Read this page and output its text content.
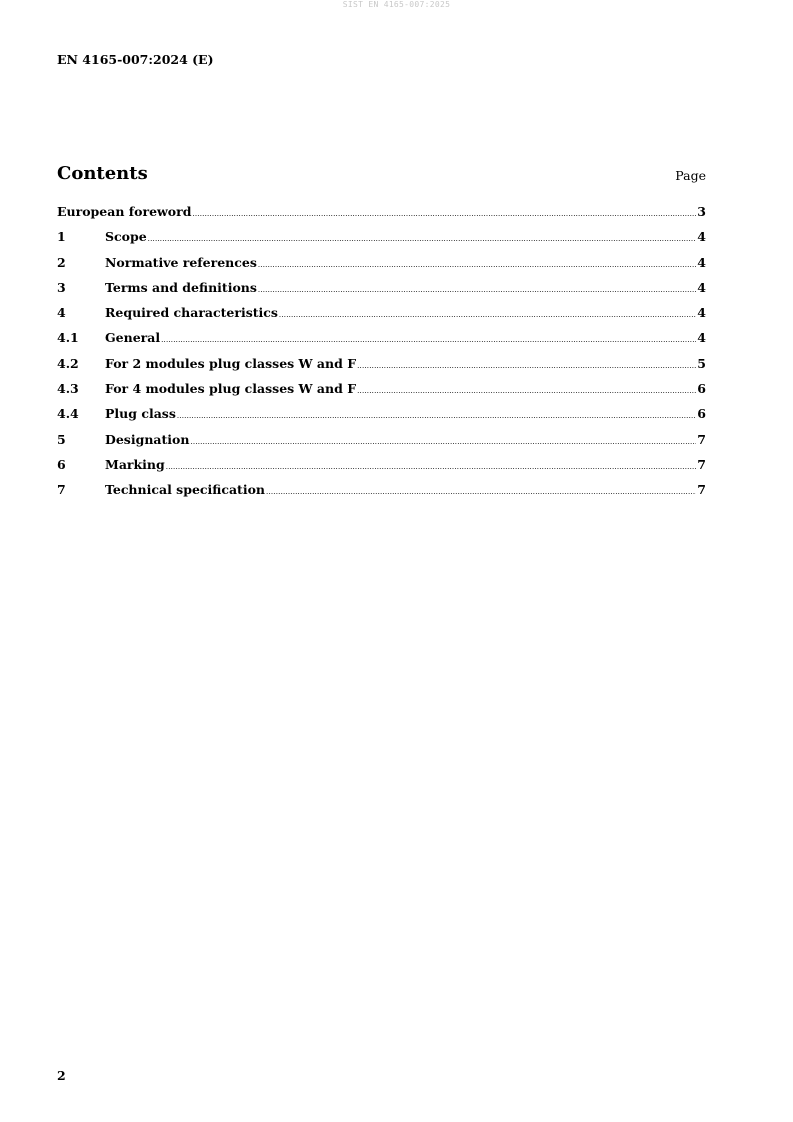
SIST EN 4165-007:2025
EN 4165-007:2024 (E)
Contents	Page
European foreword .....	3
1	Scope .....	4
2	Normative references .....	4
3	Terms and definitions .....	4
4	Required characteristics .....	4
4.1	General .....	4
4.2	For 2 modules plug classes W and F .....	5
4.3	For 4 modules plug classes W and F .....	6
4.4	Plug class .....	6
5	Designation .....	7
6	Marking .....	7
7	Technical specification .....	7
2
